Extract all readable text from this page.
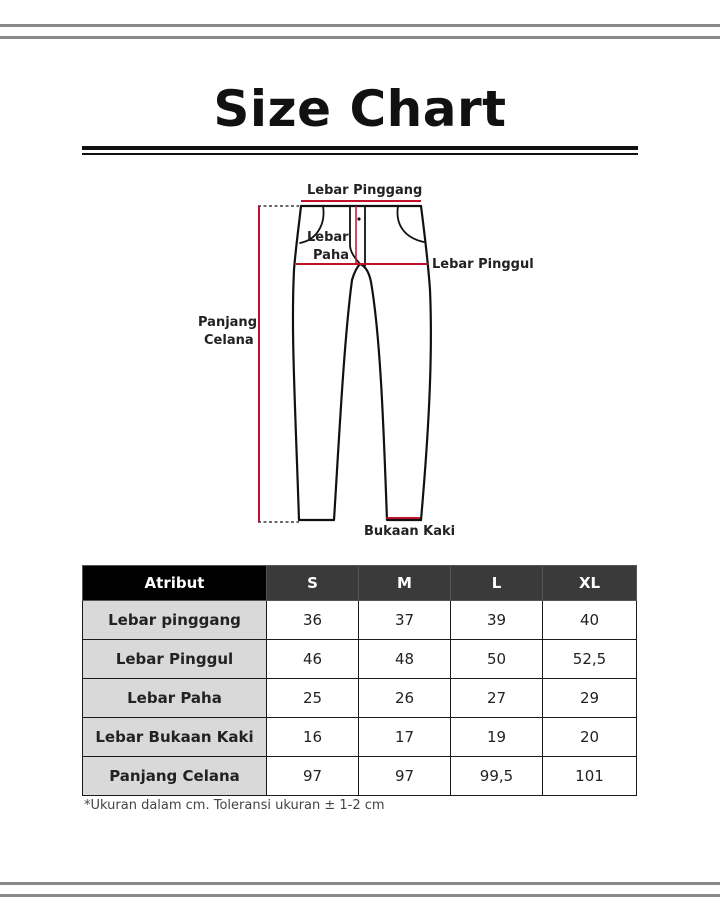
Size Chart
Lebar Pinggang
Lebar
Paha
Lebar Pinggul
Panjang
Celana
Bukaan Kaki
Atribut	S	M	L	XL
Lebar pinggang	36	37	39	40
Lebar Pinggul	46	48	50	52,5
Lebar Paha	25	26	27	29
Lebar Bukaan Kaki	16	17	19	20
Panjang Celana	97	97	99,5	101
*Ukuran dalam cm. Toleransi ukuran ± 1-2 cm
